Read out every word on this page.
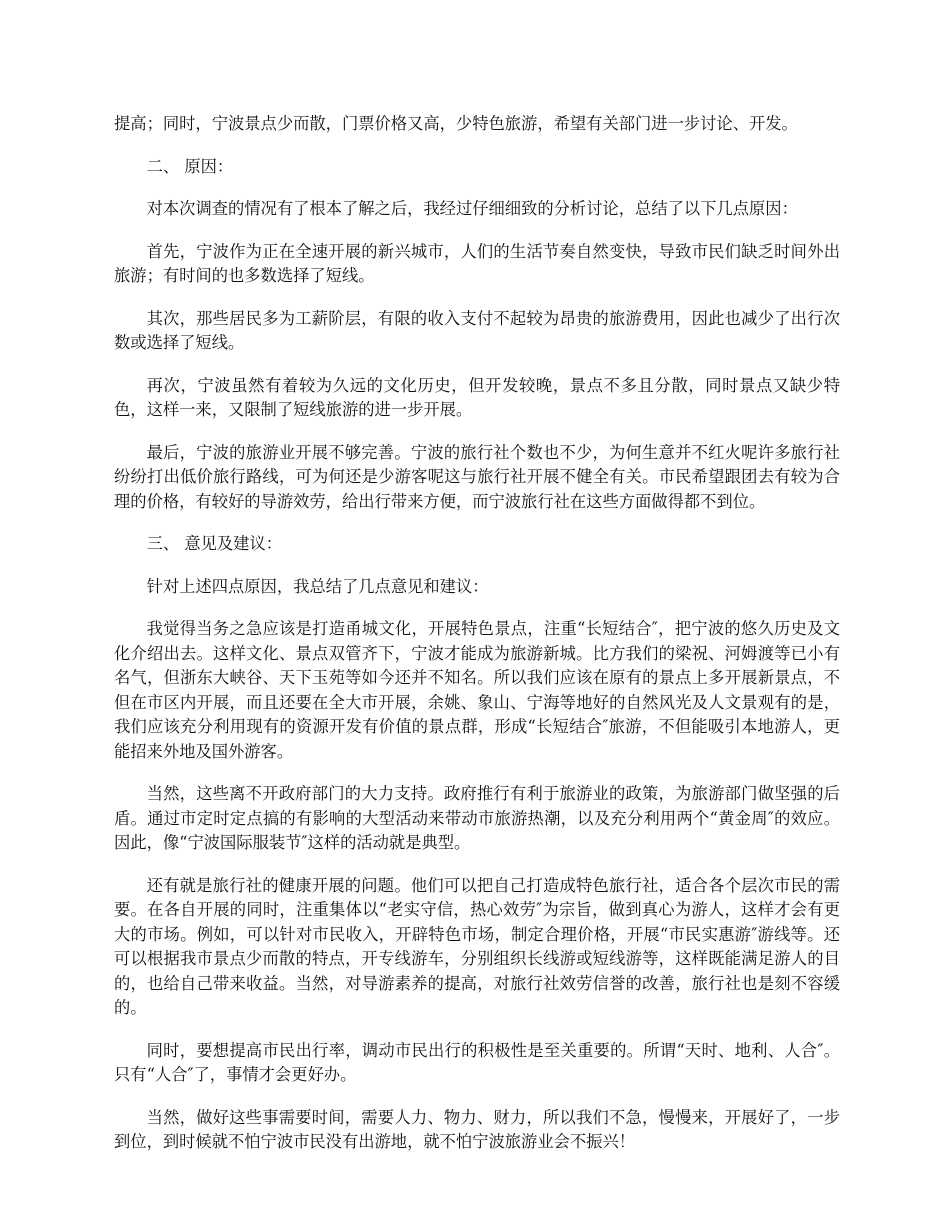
提高；同时，宁波景点少而散，门票价格又高，少特色旅游，希望有关部门进一步讨论、开发。

二、 原因：

对本次调查的情况有了根本了解之后，我经过仔细细致的分析讨论，总结了以下几点原因：

首先，宁波作为正在全速开展的新兴城市，人们的生活节奏自然变快，导致市民们缺乏时间外出旅游；有时间的也多数选择了短线。

其次，那些居民多为工薪阶层，有限的收入支付不起较为昂贵的旅游费用，因此也减少了出行次数或选择了短线。

再次，宁波虽然有着较为久远的文化历史，但开发较晚，景点不多且分散，同时景点又缺少特色，这样一来，又限制了短线旅游的进一步开展。

最后，宁波的旅游业开展不够完善。宁波的旅行社个数也不少，为何生意并不红火呢许多旅行社纷纷打出低价旅行路线，可为何还是少游客呢这与旅行社开展不健全有关。市民希望跟团去有较为合理的价格，有较好的导游效劳，给出行带来方便，而宁波旅行社在这些方面做得都不到位。

三、 意见及建议：

针对上述四点原因，我总结了几点意见和建议：

我觉得当务之急应该是打造甬城文化，开展特色景点，注重“长短结合″，把宁波的悠久历史及文化介绍出去。这样文化、景点双管齐下，宁波才能成为旅游新城。比方我们的梁祝、河姆渡等已小有名气，但浙东大峡谷、天下玉苑等如今还并不知名。所以我们应该在原有的景点上多开展新景点，不但在市区内开展，而且还要在全大市开展，余姚、象山、宁海等地好的自然风光及人文景观有的是，我们应该充分利用现有的资源开发有价值的景点群，形成“长短结合″旅游，不但能吸引本地游人，更能招来外地及国外游客。

当然，这些离不开政府部门的大力支持。政府推行有利于旅游业的政策，为旅游部门做坚强的后盾。通过市定时定点搞的有影响的大型活动来带动市旅游热潮，以及充分利用两个“黄金周″的效应。因此，像“宁波国际服装节″这样的活动就是典型。

还有就是旅行社的健康开展的问题。他们可以把自己打造成特色旅行社，适合各个层次市民的需要。在各自开展的同时，注重集体以“老实守信，热心效劳″为宗旨，做到真心为游人，这样才会有更大的市场。例如，可以针对市民收入，开辟特色市场，制定合理价格，开展“市民实惠游″游线等。还可以根据我市景点少而散的特点，开专线游车，分别组织长线游或短线游等，这样既能满足游人的目的，也给自己带来收益。当然，对导游素养的提高，对旅行社效劳信誉的改善，旅行社也是刻不容缓的。

同时，要想提高市民出行率，调动市民出行的积极性是至关重要的。所谓“天时、地利、人合″。只有“人合″了，事情才会更好办。

当然，做好这些事需要时间，需要人力、物力、财力，所以我们不急，慢慢来，开展好了，一步到位，到时候就不怕宁波市民没有出游地，就不怕宁波旅游业会不振兴！
